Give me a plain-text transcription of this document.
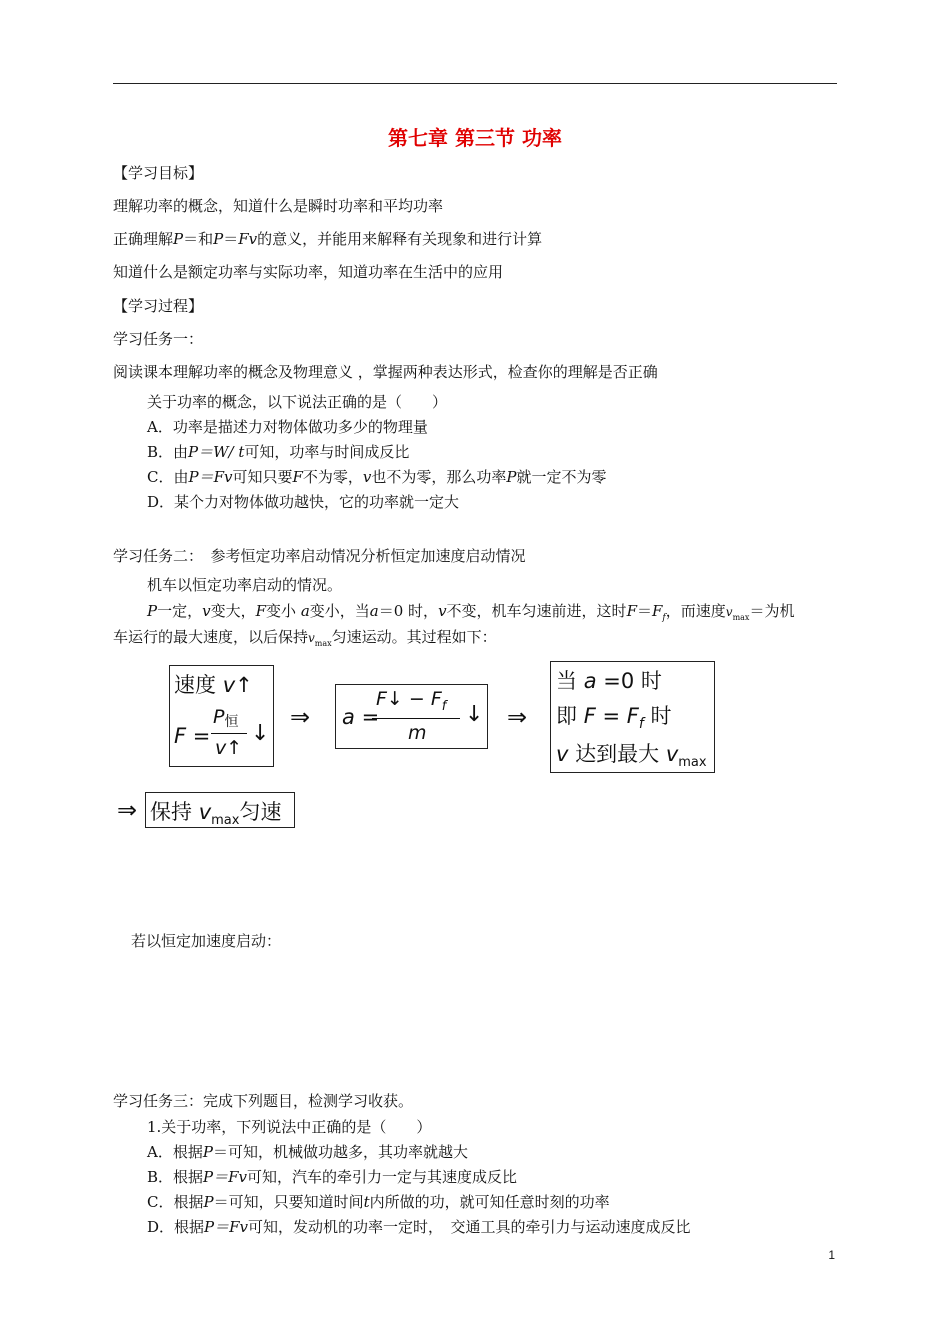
第七章 第三节 功率
【学习目标】
理解功率的概念，知道什么是瞬时功率和平均功率
正确理解P＝和P＝Fv的意义，并能用来解释有关现象和进行计算
知道什么是额定功率与实际功率，知道功率在生活中的应用
【学习过程】
学习任务一：
阅读课本理解功率的概念及物理意义 ，掌握两种表达形式，检查你的理解是否正确
关于功率的概念，以下说法正确的是（　　）
A．功率是描述力对物体做功多少的物理量
B．由P＝W/ t可知，功率与时间成反比
C．由P＝Fv可知只要F不为零，v也不为零，那么功率P就一定不为零
D．某个力对物体做功越快，它的功率就一定大
学习任务二：　参考恒定功率启动情况分析恒定加速度启动情况
机车以恒定功率启动的情况。
P一定，v变大，F变小 a变小，当a＝0 时，v不变，机车匀速前进，这时$F=F_f$，而速度$v_{max}=$为机
车运行的最大速度，以后保持$v_{max}$匀速运动。其过程如下：
速度 v↑
F =
P恒
v↑
↓
⇒ a =
F↓ − $F_f$
m
↓ ⇒
当 a =0 时
即 $F = F_f$ 时
v 达到最大 $v_{max}$
⇒ 保持 $v_{max}$匀速
若以恒定加速度启动：
学习任务三：完成下列题目，检测学习收获。
1.关于功率，下列说法中正确的是（　　）
A．根据P＝可知，机械做功越多，其功率就越大
B．根据P＝Fv可知，汽车的牵引力一定与其速度成反比
C．根据P＝可知，只要知道时间t内所做的功，就可知任意时刻的功率
D．根据P＝Fv可知，发动机的功率一定时，　交通工具的牵引力与运动速度成反比
1
